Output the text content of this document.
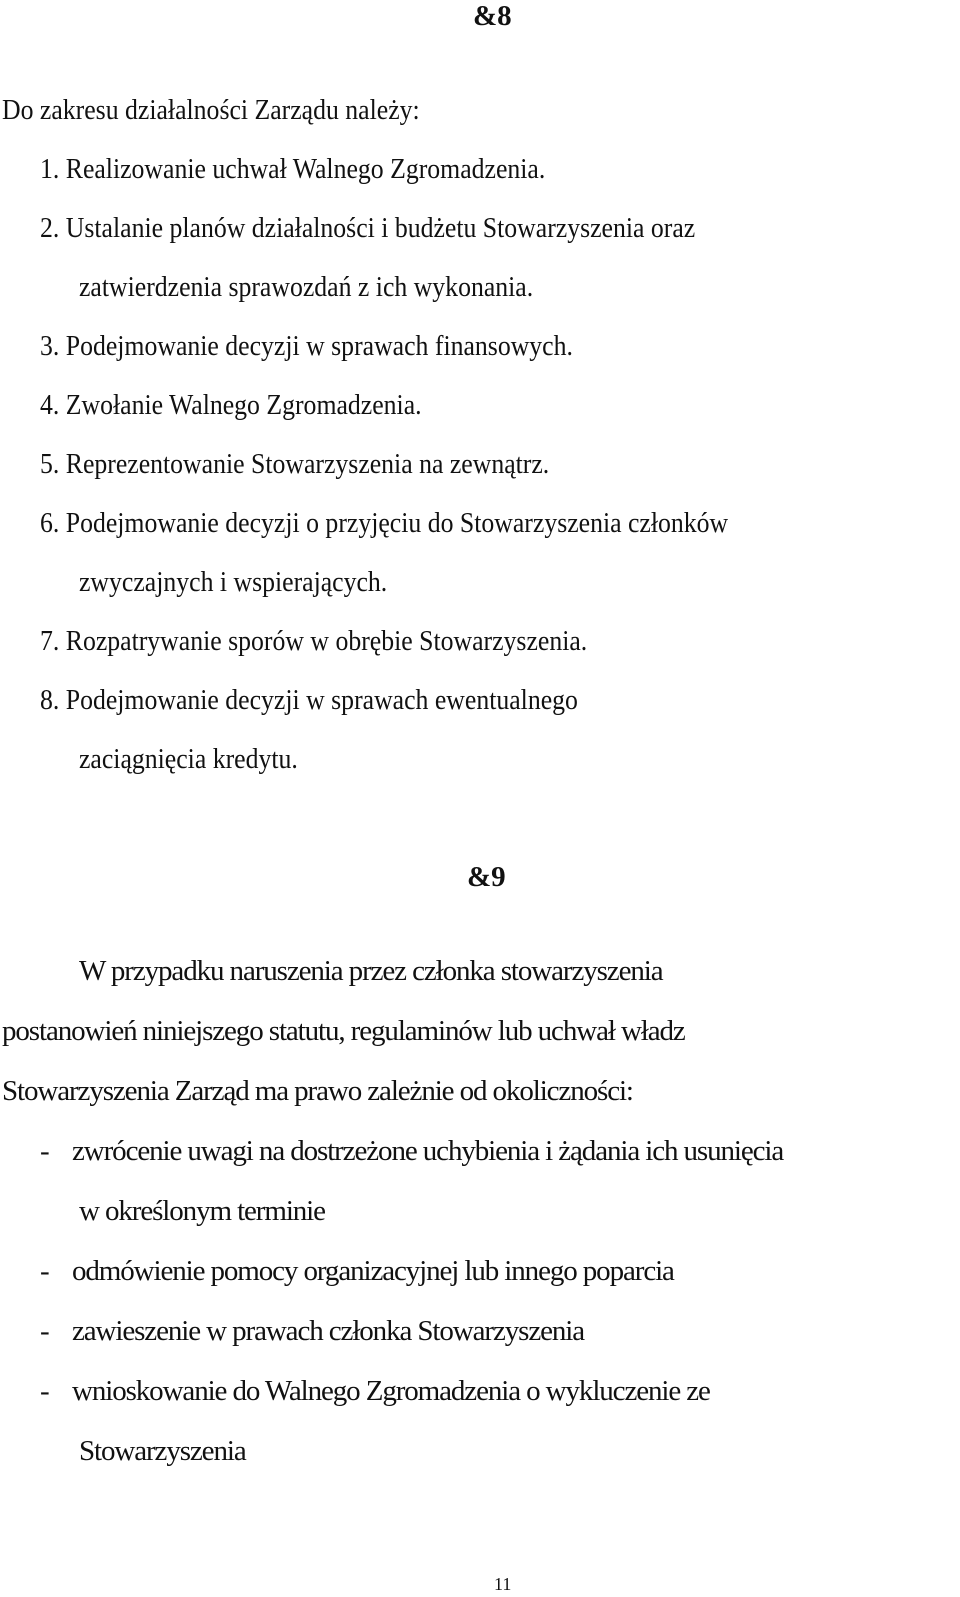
&8
Do zakresu działalności Zarządu należy:
1. Realizowanie uchwał Walnego Zgromadzenia.
2. Ustalanie planów działalności i budżetu Stowarzyszenia oraz
zatwierdzenia sprawozdań z ich wykonania.
3. Podejmowanie decyzji w sprawach finansowych.
4. Zwołanie Walnego Zgromadzenia.
5. Reprezentowanie Stowarzyszenia na zewnątrz.
6. Podejmowanie decyzji o przyjęciu do Stowarzyszenia członków
zwyczajnych i wspierających.
7. Rozpatrywanie sporów w obrębie Stowarzyszenia.
8. Podejmowanie decyzji w sprawach ewentualnego
zaciągnięcia kredytu.
&9
W przypadku naruszenia przez członka stowarzyszenia
postanowień niniejszego statutu, regulaminów lub uchwał władz
Stowarzyszenia Zarząd ma prawo zależnie od okoliczności:
- zwrócenie uwagi na dostrzeżone uchybienia i żądania ich usunięcia
w określonym terminie
- odmówienie pomocy organizacyjnej lub innego poparcia
- zawieszenie w prawach członka Stowarzyszenia
- wnioskowanie do Walnego Zgromadzenia o wykluczenie ze
Stowarzyszenia
11
